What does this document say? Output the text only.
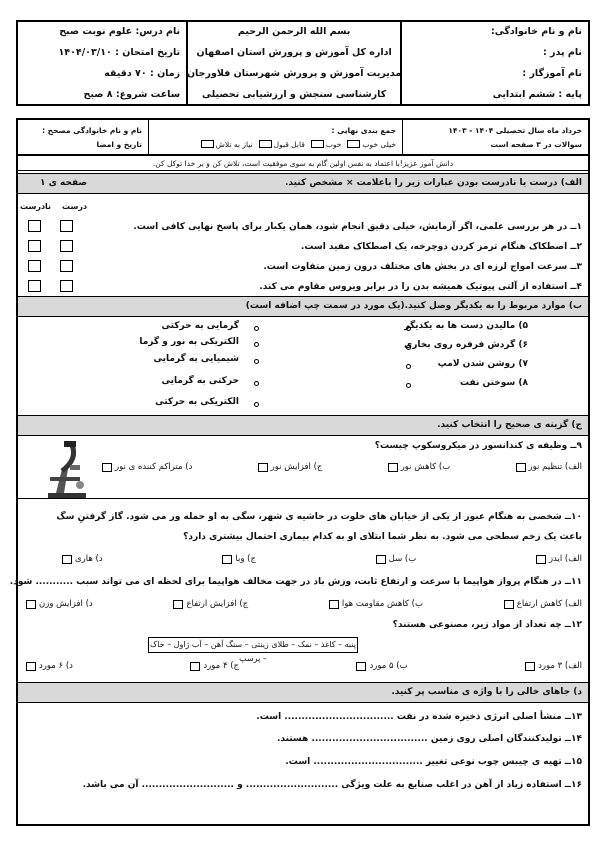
نام و نام خانوادگی:
نام پدر :
نام آموزگار :
پایه : ششم ابتدایی
بسم الله الرحمن الرحیم
اداره کل آموزش و پرورش استان اصفهان
مدیریت آموزش و پرورش شهرستان فلاورجان
کارشناسی سنجش و ارزشیابی تحصیلی
نام درس: علوم نوبت صبح
تاریخ امتحان : ۱۴۰۴/۰۳/۱۰
زمان : ۷۰ دقیقه
ساعت شروع: ۸ صبح
خرداد ماه سال تحصیلی ۱۴۰۴ - ۱۴۰۳
سوالات در ۳ صفحه است
جمع بندی نهایی :
خیلی خوب
خوب
قابل قبول
نیاز به تلاش
نام و نام خانوادگی مصحح :
تاریخ و امضا
دانش آموز عزیز!با اعتماد به نفس اولین گام به سوی موفقیت است، تلاش کن و بر خدا توکل کن.
الف) درست یا نادرست بودن عبارات زیر را باعلامت × مشخص کنید.
صفحه ی ۱
درست
نادرست
۱ــ در هر بررسی علمی، اگر آزمایش، خیلی دقیق انجام شود، همان یکبار برای پاسخ نهایی کافی است.
۲ــ اصطکاک هنگام ترمز کردن دوچرخه، یک اصطکاک مفید است.
۳ــ سرعت امواج لرزه ای در بخش های مختلف درون زمین متفاوت است.
۴ــ استفاده از آلتی پیوتیک همیشه بدن را در برابر ویروس مقاوم می کند.
ب) موارد مربوط را به یکدیگر وصل کنید.(یک مورد در سمت چپ اضافه است)
۵) مالیدن دست ها به یکدیگر
۶) گردش فرفره روی بخاری
۷) روشن شدن لامپ
۸) سوختن نفت
گرمایی به حرکتی
الکتریکی به نور و گرما
شیمیایی به گرمایی
حرکتی به گرمایی
الکتریکی به حرکتی
ج) گزینه ی صحیح را انتخاب کنید.
۹ــ وظیفه ی کندانسور در میکروسکوپ چیست؟
الف) تنظیم نور
ب) کاهش نور
ج) افزایش نور
د) متراکم کننده ی نور
۱۰ــ شخصی به هنگام عبور از یکی از خیابان های خلوت در حاشیه ی شهر، سگی به او حمله ور می شود. گاز گرفتنِ سگ
باعث یک زخم سطحی می شود. به نظر شما ابتلای او به کدام بیماری احتمال بیشتری دارد؟
الف) ایدز
ب) سل
ج) وبا
د) هاری
۱۱ــ در هنگام پرواز هواپیما با سرعت و ارتفاع ثابت، وزش باد در جهت مخالف هواپیما برای لحظه ای می تواند سبب ........... شود.
الف) کاهش ارتفاع
ب) کاهش مقاومت هوا
ج) افزایش ارتفاع
د) افزایش وزن
۱۲ــ چه تعداد از مواد زیر، مصنوعی هستند؟
پنبه – کاغذ – نمک – طلای زینتی – سنگ آهن – آب ژاول – خاک – پرسپ
الف) ۳ مورد
ب) ۵ مورد
ج) ۴ مورد
د) ۶ مورد
د) جاهای خالی را با واژه ی مناسب پر کنید.
۱۳ــ منشأ اصلی انرژی ذخیره شده در نفت ................................ است.
۱۴ــ تولیدکنندگان اصلی روی زمین .................................. هستند.
۱۵ــ تهیه ی چیبس چوب نوعی تغییر ................................ است.
۱۶ــ استفاده زیاد از آهن در اغلب صنایع به علت ویژگی ........................... و ........................... آن می باشد.
